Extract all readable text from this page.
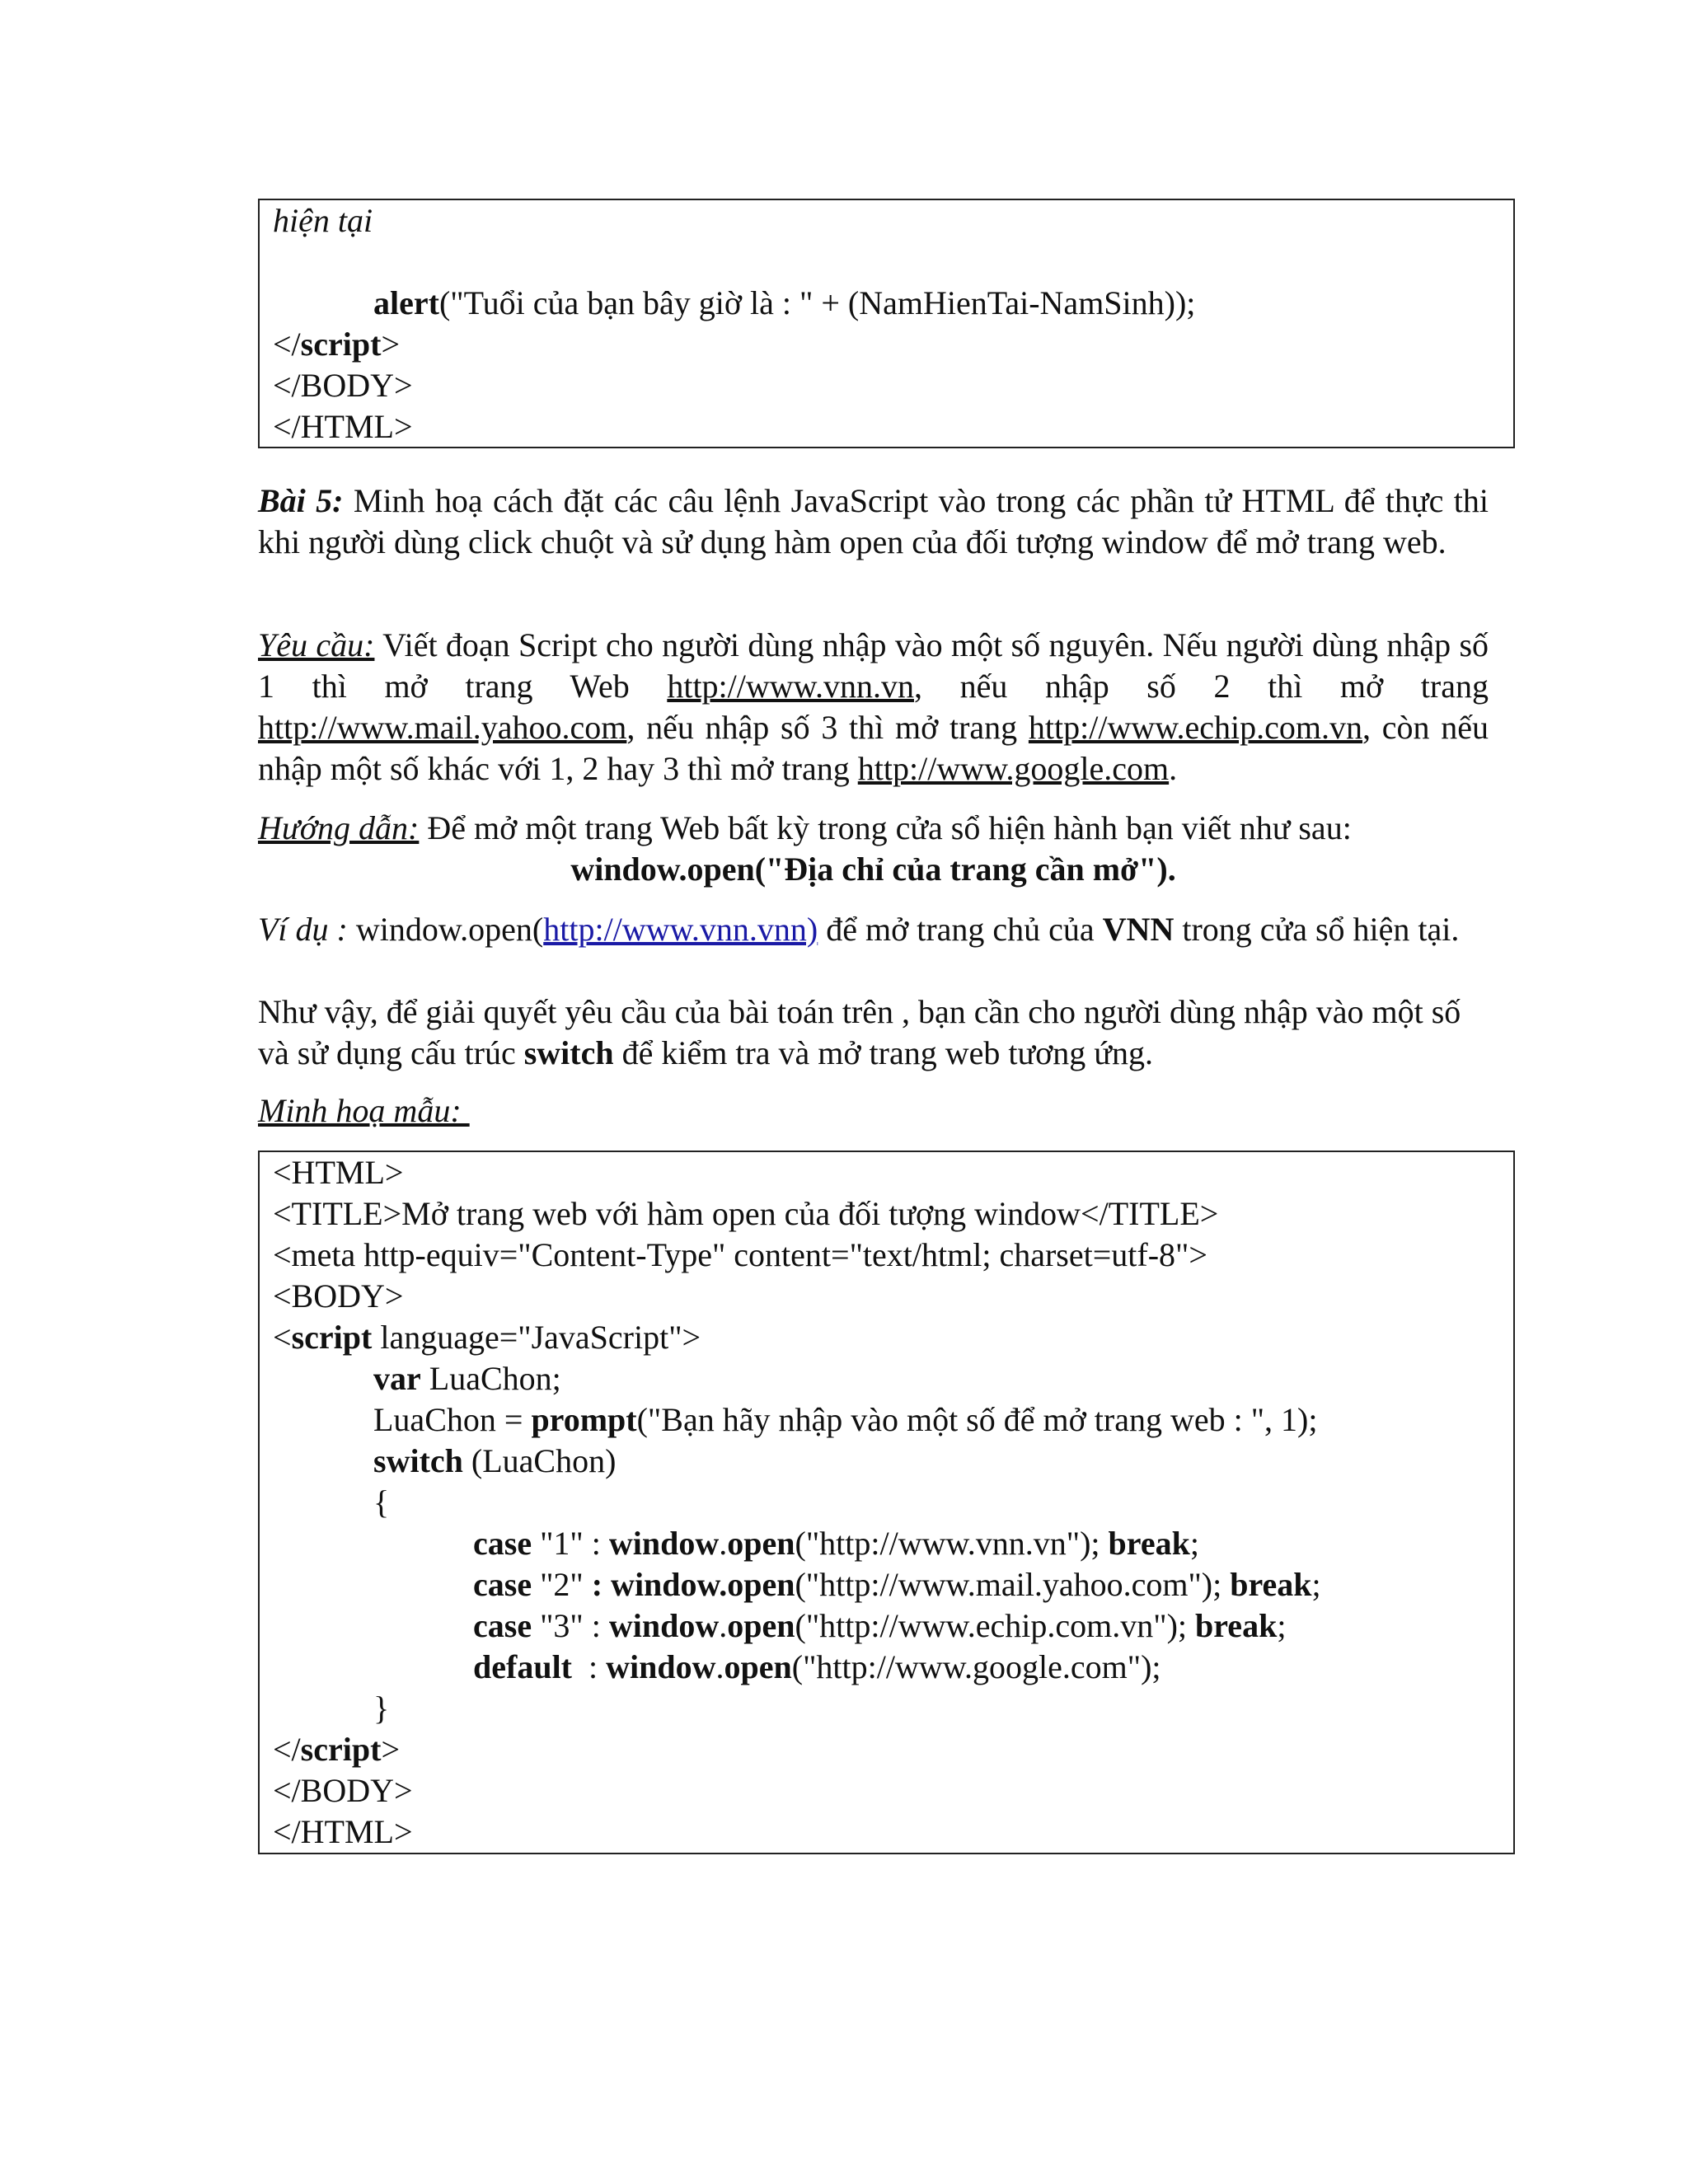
hiện tại
alert("Tuổi của bạn bây giờ là : " + (NamHienTai-NamSinh));
</script>
</BODY>
</HTML>
Bài 5: Minh hoạ cách đặt các câu lệnh JavaScript vào trong các phần tử HTML để thực thi khi người dùng click chuột và sử dụng hàm open của đối tượng window để mở trang web.
Yêu cầu: Viết đoạn Script cho người dùng nhập vào một số nguyên. Nếu người dùng nhập số 1 thì mở trang Web http://www.vnn.vn, nếu nhập số 2 thì mở trang http://www.mail.yahoo.com, nếu nhập số 3 thì mở trang http://www.echip.com.vn, còn nếu nhập một số khác với 1, 2 hay 3 thì mở trang http://www.google.com.
Hướng dẫn: Để mở một trang Web bất kỳ trong cửa sổ hiện hành bạn viết như sau:
window.open("Địa chỉ của trang cần mở").
Ví dụ : window.open(http://www.vnn.vnn) để mở trang chủ của VNN trong cửa sổ hiện tại.
Như vậy, để giải quyết yêu cầu của bài toán trên , bạn cần cho người dùng nhập vào một số và sử dụng cấu trúc switch để kiểm tra và mở trang web tương ứng.
Minh hoạ mẫu:
<HTML>
<TITLE>Mở trang web với hàm open của đối tượng window</TITLE>
<meta http-equiv="Content-Type" content="text/html; charset=utf-8">
<BODY>
<script language="JavaScript">
var LuaChon;
LuaChon = prompt("Bạn hãy nhập vào một số để mở trang web : ", 1);
switch (LuaChon)
{
case "1" : window.open("http://www.vnn.vn"); break;
case "2" : window.open("http://www.mail.yahoo.com"); break;
case "3" : window.open("http://www.echip.com.vn"); break;
default  : window.open("http://www.google.com");
}
</script>
</BODY>
</HTML>
